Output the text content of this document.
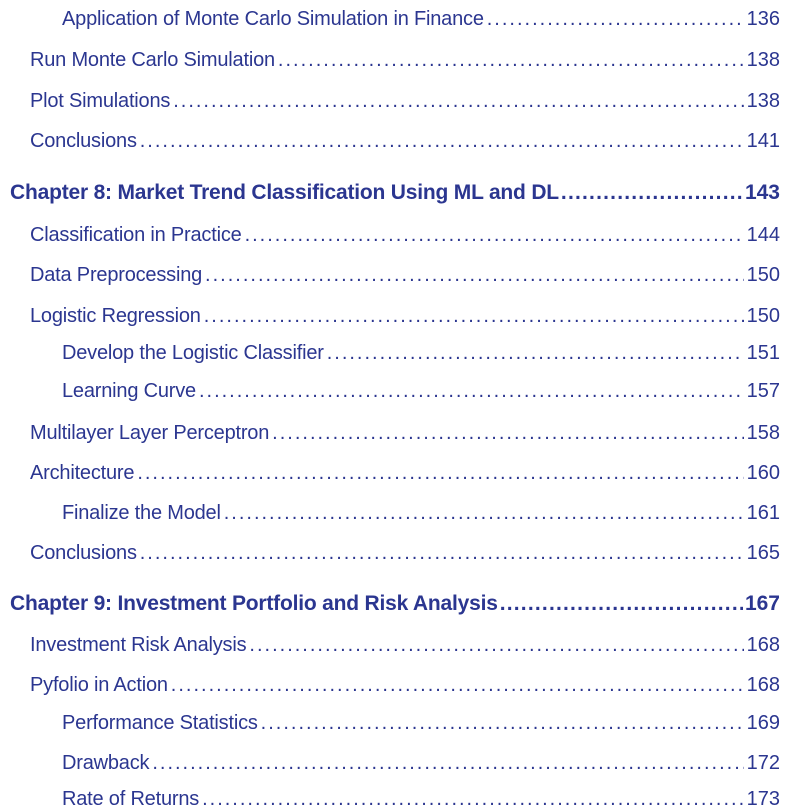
Application of Monte Carlo Simulation in Finance .....	136
Run Monte Carlo Simulation .....	138
Plot Simulations .....	138
Conclusions .....	141
Chapter 8: Market Trend Classification Using ML and DL .....	143
Classification in Practice .....	144
Data Preprocessing .....	150
Logistic Regression .....	150
Develop the Logistic Classifier .....	151
Learning Curve .....	157
Multilayer Layer Perceptron .....	158
Architecture .....	160
Finalize the Model .....	161
Conclusions .....	165
Chapter 9: Investment Portfolio and Risk Analysis .....	167
Investment Risk Analysis .....	168
Pyfolio in Action .....	168
Performance Statistics .....	169
Drawback .....	172
Rate of Returns .....	173
